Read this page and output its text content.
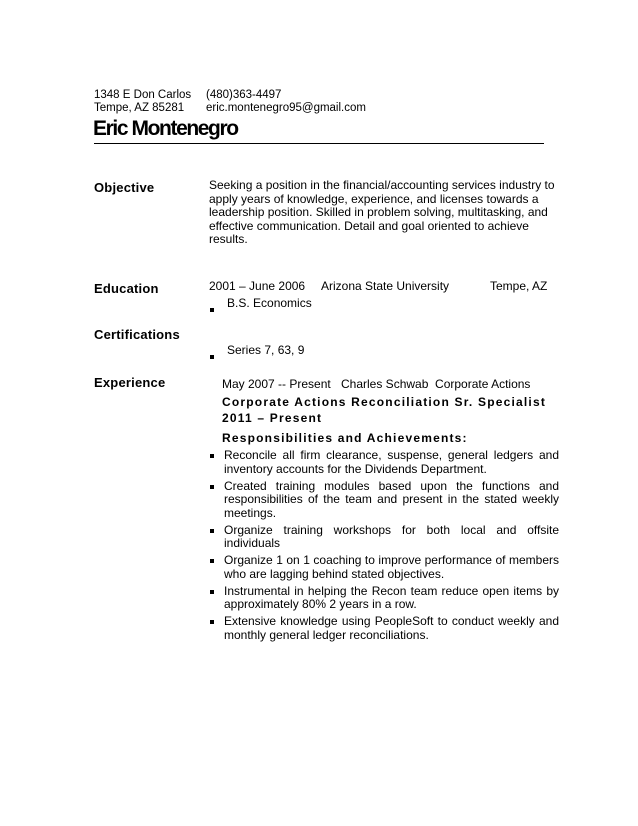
1348 E Don Carlos
Tempe, AZ 85281
(480)363-4497
eric.montenegro95@gmail.com
Eric Montenegro
Objective	Seeking a position in the financial/accounting services industry to apply years of knowledge, experience, and licenses towards a leadership position. Skilled in problem solving, multitasking, and effective communication. Detail and goal oriented to achieve results.
Education	2001 – June 2006 Arizona State University	Tempe, AZ
B.S. Economics
Certifications
Series 7, 63, 9
Experience	May 2007 -- Present Charles Schwab  Corporate Actions
Corporate Actions Reconciliation Sr. Specialist
2011 – Present
Responsibilities and Achievements:
Reconcile all firm clearance, suspense, general ledgers and inventory accounts for the Dividends Department.
Created training modules based upon the functions and responsibilities of the team and present in the stated weekly meetings.
Organize training workshops for both local and offsite individuals
Organize 1 on 1 coaching to improve performance of members who are lagging behind stated objectives.
Instrumental in helping the Recon team reduce open items by approximately 80% 2 years in a row.
Extensive knowledge using PeopleSoft to conduct weekly and monthly general ledger reconciliations.
